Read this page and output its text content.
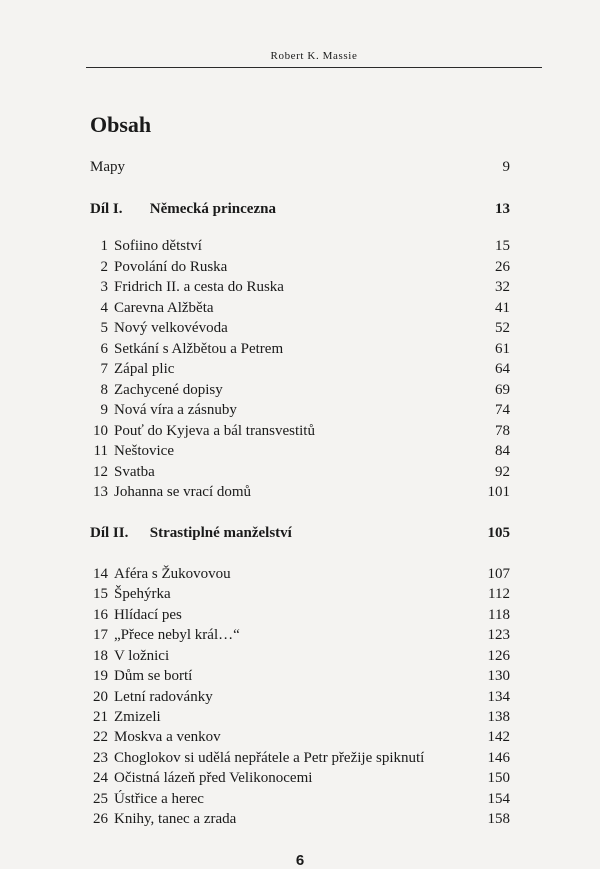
Robert K. Massie
Obsah
Mapy	9
Díl I. Německá princezna	13
1 Sofiino dětství	15
2 Povolání do Ruska	26
3 Fridrich II. a cesta do Ruska	32
4 Carevna Alžběta	41
5 Nový velkovévoda	52
6 Setkání s Alžbětou a Petrem	61
7 Zápal plic	64
8 Zachycené dopisy	69
9 Nová víra a zásnuby	74
10 Pouť do Kyjeva a bál transvestitů	78
11 Neštovice	84
12 Svatba	92
13 Johanna se vrací domů	101
Díl II. Strastiplné manželství	105
14 Aféra s Žukovovou	107
15 Špehýrka	112
16 Hlídací pes	118
17 „Přece nebyl král…“	123
18 V ložnici	126
19 Dům se bortí	130
20 Letní radovánky	134
21 Zmizeli	138
22 Moskva a venkov	142
23 Choglokov si udělá nepřátele a Petr přežije spiknutí	146
24 Očistná lázeň před Velikonocemi	150
25 Ústřice a herec	154
26 Knihy, tanec a zrada	158
6
